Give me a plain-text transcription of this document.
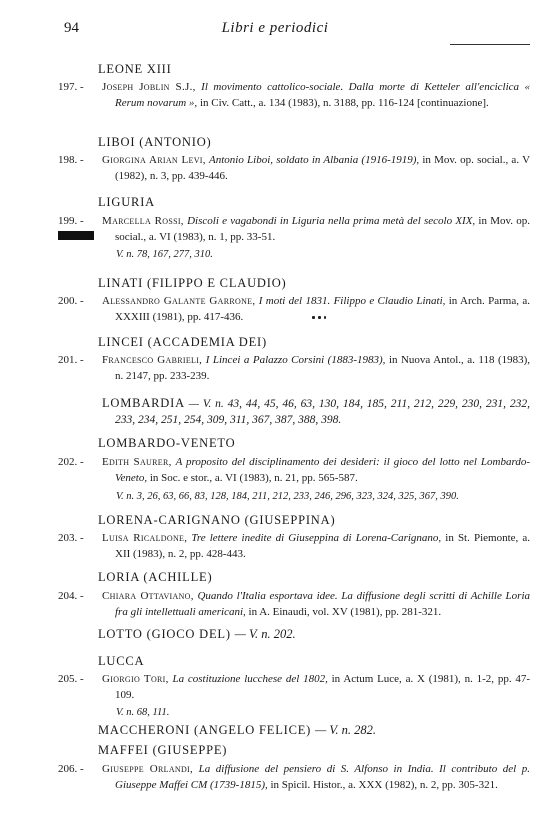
94	Libri e periodici
LEONE XIII
197. - Joseph Joblin S.J., Il movimento cattolico-sociale. Dalla morte di Ketteler all'enciclica « Rerum novarum », in Civ. Catt., a. 134 (1983), n. 3188, pp. 116-124 [continuazione].
LIBOI (ANTONIO)
198. - Giorgina Arian Levi, Antonio Liboi, soldato in Albania (1916-1919), in Mov. op. social., a. V (1982), n. 3, pp. 439-446.
LIGURIA
199. - Marcella Rossi, Discoli e vagabondi in Liguria nella prima metà del secolo XIX, in Mov. op. social., a. VI (1983), n. 1, pp. 33-51.
V. n. 78, 167, 277, 310.
LINATI (FILIPPO E CLAUDIO)
200. - Alessandro Galante Garrone, I moti del 1831. Filippo e Claudio Linati, in Arch. Parma, a. XXXIII (1981), pp. 417-436.
LINCEI (ACCADEMIA DEI)
201. - Francesco Gabrieli, I Lincei a Palazzo Corsini (1883-1983), in Nuova Antol., a. 118 (1983), n. 2147, pp. 233-239.
LOMBARDIA — V. n. 43, 44, 45, 46, 63, 130, 184, 185, 211, 212, 229, 230, 231, 232, 233, 234, 251, 254, 309, 311, 367, 387, 388, 398.
LOMBARDO-VENETO
202. - Edith Saurer, A proposito del disciplinamento dei desideri: il gioco del lotto nel Lombardo-Veneto, in Soc. e stor., a. VI (1983), n. 21, pp. 565-587.
V. n. 3, 26, 63, 66, 83, 128, 184, 211, 212, 233, 246, 296, 323, 324, 325, 367, 390.
LORENA-CARIGNANO (GIUSEPPINA)
203. - Luisa Ricaldone, Tre lettere inedite di Giuseppina di Lorena-Carignano, in St. Piemonte, a. XII (1983), n. 2, pp. 428-443.
LORIA (ACHILLE)
204. - Chiara Ottaviano, Quando l'Italia esportava idee. La diffusione degli scritti di Achille Loria fra gli intellettuali americani, in A. Einaudi, vol. XV (1981), pp. 281-321.
LOTTO (GIOCO DEL) — V. n. 202.
LUCCA
205. - Giorgio Tori, La costituzione lucchese del 1802, in Actum Luce, a. X (1981), n. 1-2, pp. 47-109.
V. n. 68, 111.
MACCHERONI (ANGELO FELICE) — V. n. 282.
MAFFEI (GIUSEPPE)
206. - Giuseppe Orlandi, La diffusione del pensiero di S. Alfonso in India. Il contributo del p. Giuseppe Maffei CM (1739-1815), in Spicil. Histor., a. XXX (1982), n. 2, pp. 305-321.
